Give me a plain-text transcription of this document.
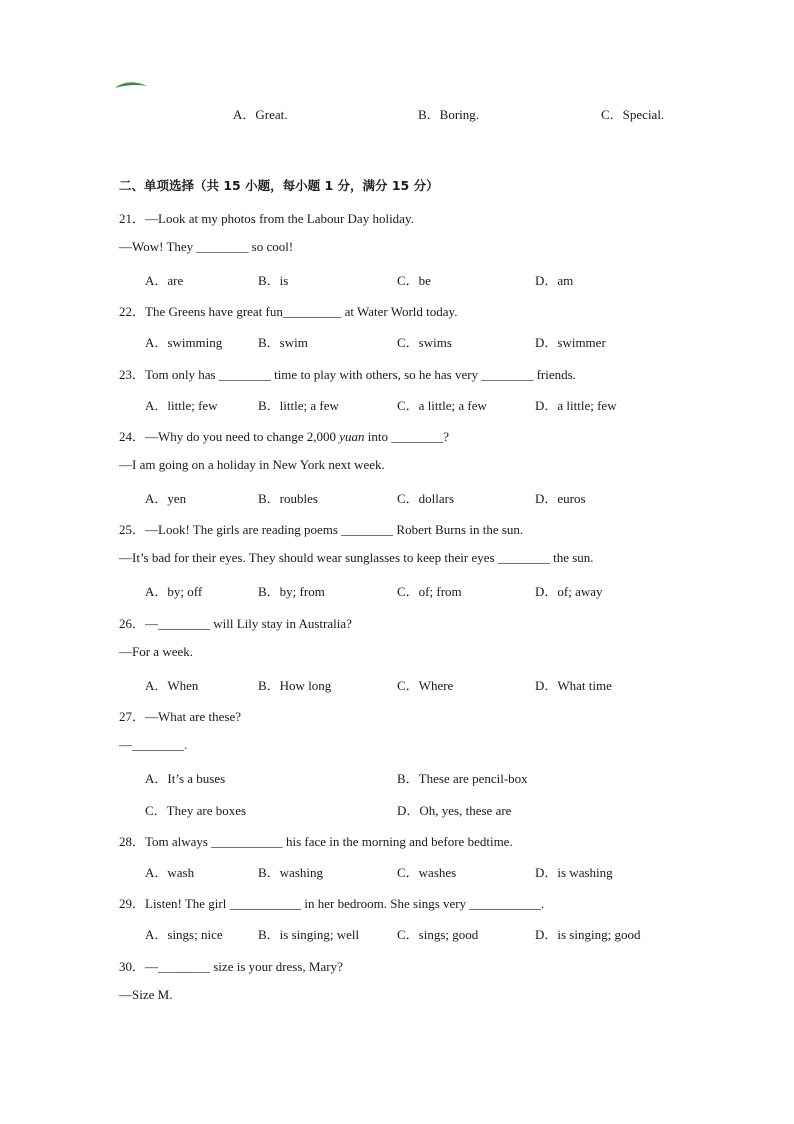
A．Great.	B．Boring.	C．Special.
二、单项选择（共 15 小题，每小题 1 分，满分 15 分）
21．—Look at my photos from the Labour Day holiday.
—Wow! They ________ so cool!
A．are	B．is	C．be	D．am
22．The Greens have great fun_________ at Water World today.
A．swimming	B．swim	C．swims	D．swimmer
23．Tom only has ________ time to play with others, so he has very ________ friends.
A．little; few	B．little; a few	C．a little; a few	D．a little; few
24．—Why do you need to change 2,000 yuan into ________?
—I am going on a holiday in New York next week.
A．yen	B．roubles	C．dollars	D．euros
25．—Look! The girls are reading poems ________ Robert Burns in the sun.
—It’s bad for their eyes. They should wear sunglasses to keep their eyes ________ the sun.
A．by; off	B．by; from	C．of; from	D．of; away
26．—________ will Lily stay in Australia?
—For a week.
A．When	B．How long	C．Where	D．What time
27．—What are these?
—________.
A．It’s a buses	B．These are pencil-box
C．They are boxes	D．Oh, yes, these are
28．Tom always ___________ his face in the morning and before bedtime.
A．wash	B．washing	C．washes	D．is washing
29．Listen! The girl ___________ in her bedroom. She sings very ___________.
A．sings; nice	B．is singing; well	C．sings; good	D．is singing; good
30．—________ size is your dress, Mary?
—Size M.
